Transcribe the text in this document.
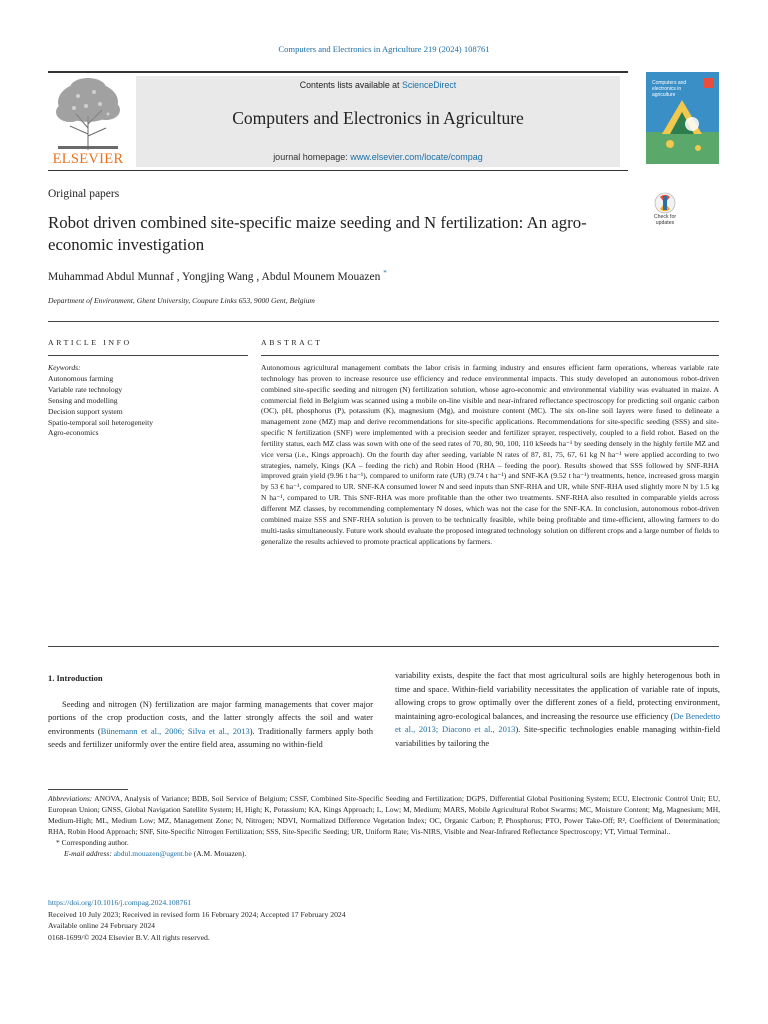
Computers and Electronics in Agriculture 219 (2024) 108761
ELSEVIER
Contents lists available at ScienceDirect
Computers and Electronics in Agriculture
journal homepage: www.elsevier.com/locate/compag
Computers and electronics in agriculture
Original papers
Robot driven combined site-specific maize seeding and N fertilization: An agro-economic investigation
Check for updates
Muhammad Abdul Munnaf , Yongjing Wang , Abdul Mounem Mouazen *
Department of Environment, Ghent University, Coupure Links 653, 9000 Gent, Belgium
ARTICLE INFO	ABSTRACT
Keywords:
Autonomous farming
Variable rate technology
Sensing and modelling
Decision support system
Spatio-temporal soil heterogeneity
Agro-economics
Autonomous agricultural management combats the labor crisis in farming industry and ensures efficient farm operations, whereas variable rate technology has proven to increase resource use efficiency and reduce environmental impacts. This study developed an autonomous robot-driven combined site-specific seeding and nitrogen (N) fertilization solution, whose agro-economic and environmental viability was evaluated in maize. A commercial field in Belgium was scanned using a mobile on-line visible and near-infrared reflectance spectroscopy for predicting soil organic carbon (OC), pH, phosphorus (P), potassium (K), magnesium (Mg), and moisture content (MC). The six on-line soil layers were fused to delineate a management zone (MZ) map and derive recommendations for site-specific applications. Recommendations for site-specific seeding (SSS) and site-specific N fertilization (SNF) were implemented with a precision seeder and fertilizer sprayer, respectively, coupled to a field robot. Based on the fertility status, each MZ class was sown with one of the seed rates of 70, 80, 90, 100, 110 kSeeds ha⁻¹ by seeding densely in the highly fertile MZ and vice versa (i.e., Kings approach). On the fourth day after seeding, variable N rates of 87, 81, 75, 67, 61 kg N ha⁻¹ were applied according to two strategies, namely, Kings (KA – feeding the rich) and Robin Hood (RHA – feeding the poor). Results showed that SSS followed by SNF-RHA improved grain yield (9.96 t ha⁻¹), compared to uniform rate (UR) (9.74 t ha⁻¹) and SNF-KA (9.52 t ha⁻¹) treatments, hence, increased gross margin by 53 € ha⁻¹, compared to UR. SNF-KA consumed lower N and seed inputs than SNF-RHA and UR, while SNF-RHA used slightly more N by 1.5 kg N ha⁻¹, compared to UR. This SNF-RHA was more profitable than the other two treatments. SNF-RHA also resulted in comparable yields across different MZ classes, by recommending complementary N doses, which was not the case for the SNF-KA. In conclusion, autonomous robot-driven combined maize SSS and SNF-RHA solution is proven to be technically feasible, while being profitable and time-efficient, allowing farmers to do multi-tasks simultaneously. Future work should evaluate the proposed integrated technology solution on different crops and a large number of fields to generalize the results achieved to promote practical applications by farmers.
1. Introduction

Seeding and nitrogen (N) fertilization are major farming managements that cover major portions of the crop production costs, and the latter strongly affects the soil and water environments (Bünemann et al., 2006; Silva et al., 2013). Traditionally farmers apply both seeds and fertilizer uniformly over the entire field area, assuming no within-field

variability exists, despite the fact that most agricultural soils are highly heterogenous both in time and space. Within-field variability necessitates the application of variable rate of inputs, allowing crops to grow optimally over the different zones of a field, protecting environment, maintaining agro-ecological balances, and increasing the resource use efficiency (De Benedetto et al., 2013; Diacono et al., 2013). Site-specific technologies enable managing within-field variabilities by tailoring the

Abbreviations: ANOVA, Analysis of Variance; BDB, Soil Service of Belgium; CSSF, Combined Site-Specific Seeding and Fertilization; DGPS, Differential Global Positioning System; ECU, Electronic Control Unit; EU, European Union; GNSS, Global Navigation Satellite System; H, High; K, Potassium; KA, Kings Approach; L, Low; M, Medium; MARS, Mobile Agricultural Robot Swarms; MC, Moisture Content; Mg, Magnesium; MH, Medium-High; ML, Medium Low; MZ, Management Zone; N, Nitrogen; NDVI, Normalized Difference Vegetation Index; OC, Organic Carbon; P, Phosphorus; PTO, Power Take-Off; R², Coefficient of Determination; RHA, Robin Hood Approach; SNF, Site-Specific Nitrogen Fertilization; SSS, Site-Specific Seeding; UR, Uniform Rate; Vis-NIRS, Visible and Near-Infrared Reflectance Spectroscopy; VT, Virtual Terminal..

* Corresponding author.

E-mail address: abdul.mouazen@ugent.be (A.M. Mouazen).

https://doi.org/10.1016/j.compag.2024.108761

Received 10 July 2023; Received in revised form 16 February 2024; Accepted 17 February 2024

Available online 24 February 2024

0168-1699/© 2024 Elsevier B.V. All rights reserved.
